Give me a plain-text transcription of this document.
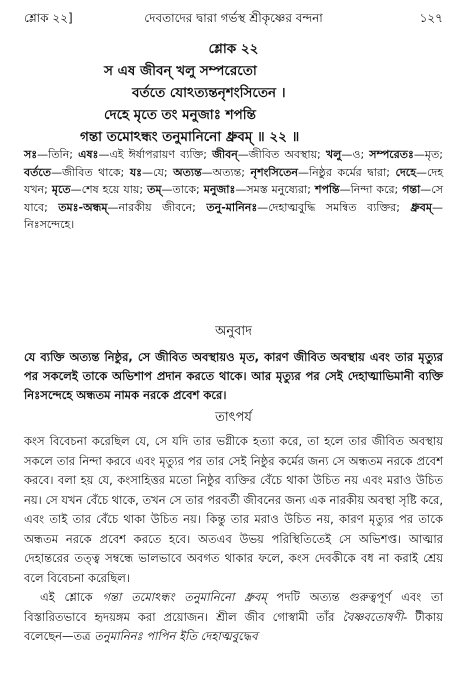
শ্লোক ২২]	দেবতাদের দ্বারা গর্ভস্থ শ্রীকৃষ্ণের বন্দনা	১২৭
শ্লোক ২২
স এষ জীবন্ খলু সম্পরেতো
বর্ততে যোঽত্যন্তনৃশংসিতেন ।
দেহে মৃতে তং মনুজাঃ শপন্তি
গন্তা তমোঽন্ধং তনুমানিনো ধ্রুবম্ ॥ ২২ ॥
সঃ—তিনি; এষঃ—এই ঈর্ষাপরায়ণ ব্যক্তি; জীবন্—জীবিত অবস্থায়; খলু—ও; সম্পরেতঃ—মৃত; বর্ততে—জীবিত থাকে; যঃ—যে; অত্যন্ত—অত্যন্ত; নৃশংসিতেন—নিষ্ঠুর কর্মের দ্বারা; দেহে—দেহ যখন; মৃতে—শেষ হয়ে যায়; তম্—তাকে; মনুজাঃ—সমস্ত মনুষ্যেরা; শপন্তি—নিন্দা করে; গন্তা—সে যাবে; তমঃ-অন্ধম্—নারকীয় জীবনে; তনু-মানিনঃ—দেহাত্মবুদ্ধি সমন্বিত ব্যক্তির; ধ্রুবম্—নিঃসন্দেহে।
অনুবাদ
যে ব্যক্তি অত্যন্ত নিষ্ঠুর, সে জীবিত অবস্থায়ও মৃত, কারণ জীবিত অবস্থায় এবং তার মৃত্যুর পর সকলেই তাকে অভিশাপ প্রদান করতে থাকে। আর মৃত্যুর পর সেই দেহাত্মাভিমানী ব্যক্তি নিঃসন্দেহে অন্ধতম নামক নরকে প্রবেশ করে।
তাৎপর্য

কংস বিবেচনা করেছিল যে, সে যদি তার ভগ্নীকে হত্যা করে, তা হলে তার জীবিত অবস্থায় সকলে তার নিন্দা করবে এবং মৃত্যুর পর তার সেই নিষ্ঠুর কর্মের জন্য সে অন্ধতম নরকে প্রবেশ করবে। বলা হয় যে, কংসাহিত্তর মতো নিষ্ঠুর ব্যক্তির বেঁচে থাকা উচিত নয় এবং মরাও উচিত নয়। সে যখন বেঁচে থাকে, তখন সে তার পরবর্তী জীবনের জন্য এক নারকীয় অবস্থা সৃষ্টি করে, এবং তাই তার বেঁচে থাকা উচিত নয়। কিন্তু তার মরাও উচিত নয়, কারণ মৃত্যুর পর তাকে অন্ধতম নরকে প্রবেশ করতে হবে। অতএব উভয় পরিস্থিতিতেই সে অভিশপ্ত। আত্মার দেহান্তরের তত্ত্ব সম্বন্ধে ভালভাবে অবগত থাকার ফলে, কংস দেবকীকে বধ না করাই শ্রেয় বলে বিবেচনা করেছিল।

এই শ্লোকে গন্তা তমোঽন্ধং তনুমানিনো ধ্রুবম্ পদটি অত্যন্ত গুরুত্বপূর্ণ এবং তা বিস্তারিতভাবে হৃদয়ঙ্গম করা প্রয়োজন। শ্রীল জীব গোস্বামী তাঁর বৈষ্ণবতোষণী- টীকায় বলেছেন—তত্র তনুমানিনঃ পাপিন ইতি দেহাত্মবুদ্ধেব
